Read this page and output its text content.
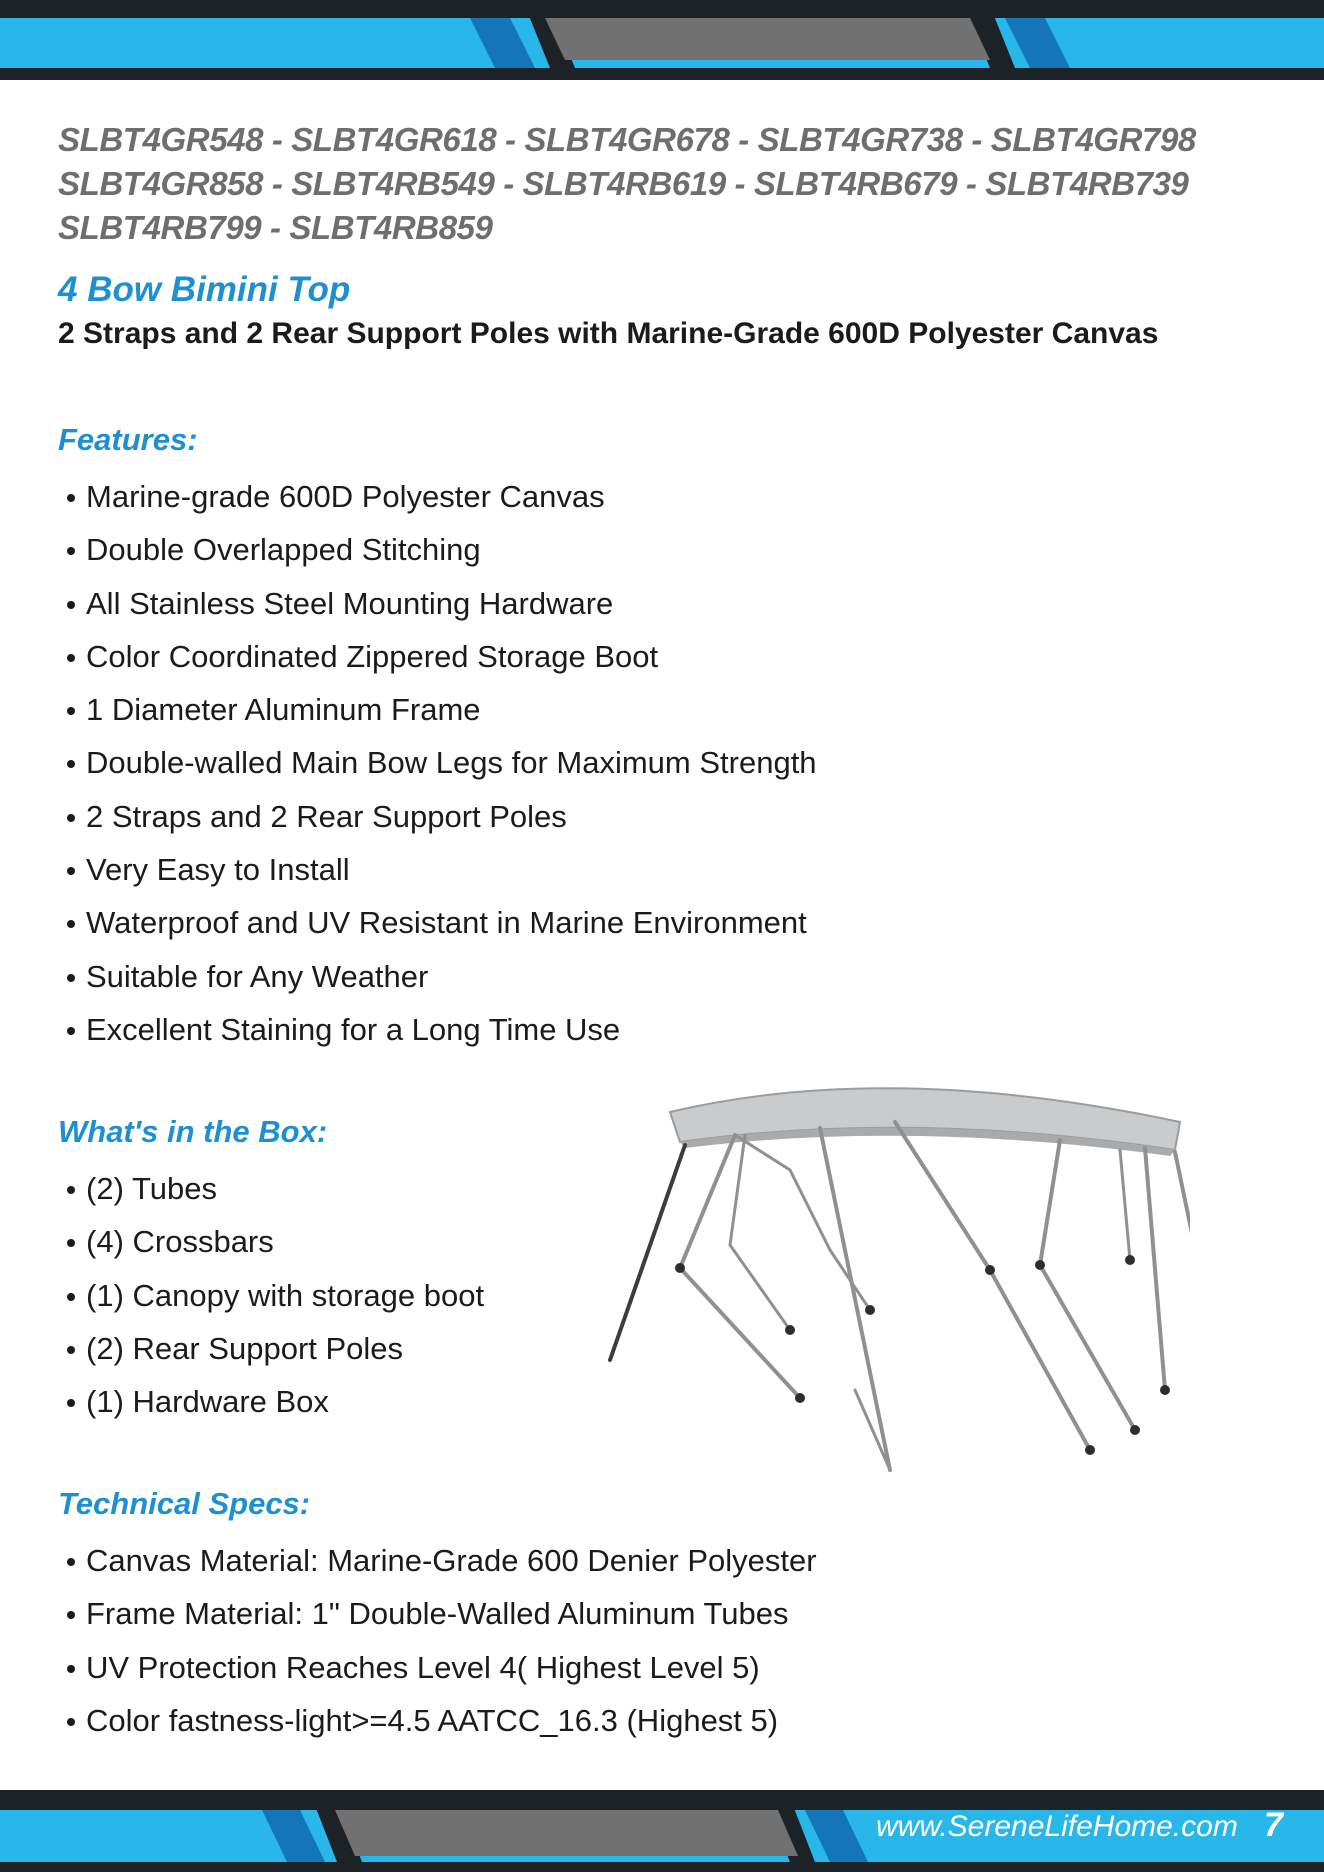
SLBT4GR548 - SLBT4GR618 - SLBT4GR678 - SLBT4GR738 - SLBT4GR798
SLBT4GR858 - SLBT4RB549 - SLBT4RB619 - SLBT4RB679 - SLBT4RB739
SLBT4RB799 - SLBT4RB859
4 Bow Bimini Top
2 Straps and 2 Rear Support Poles with Marine-Grade 600D Polyester Canvas
Features:
Marine-grade 600D Polyester Canvas
Double Overlapped Stitching
All Stainless Steel Mounting Hardware
Color Coordinated Zippered Storage Boot
1 Diameter Aluminum Frame
Double-walled Main Bow Legs for Maximum Strength
2 Straps and 2 Rear Support Poles
Very Easy to Install
Waterproof and UV Resistant in Marine Environment
Suitable for Any Weather
Excellent Staining for a Long Time Use
What's in the Box:
(2) Tubes
(4) Crossbars
(1) Canopy with storage boot
(2) Rear Support Poles
(1) Hardware Box
Technical Specs:
Canvas Material: Marine-Grade 600 Denier Polyester
Frame Material: 1" Double-Walled Aluminum Tubes
UV Protection Reaches Level 4( Highest Level 5)
Color fastness-light>=4.5 AATCC_16.3 (Highest 5)
www.SereneLifeHome.com 7
